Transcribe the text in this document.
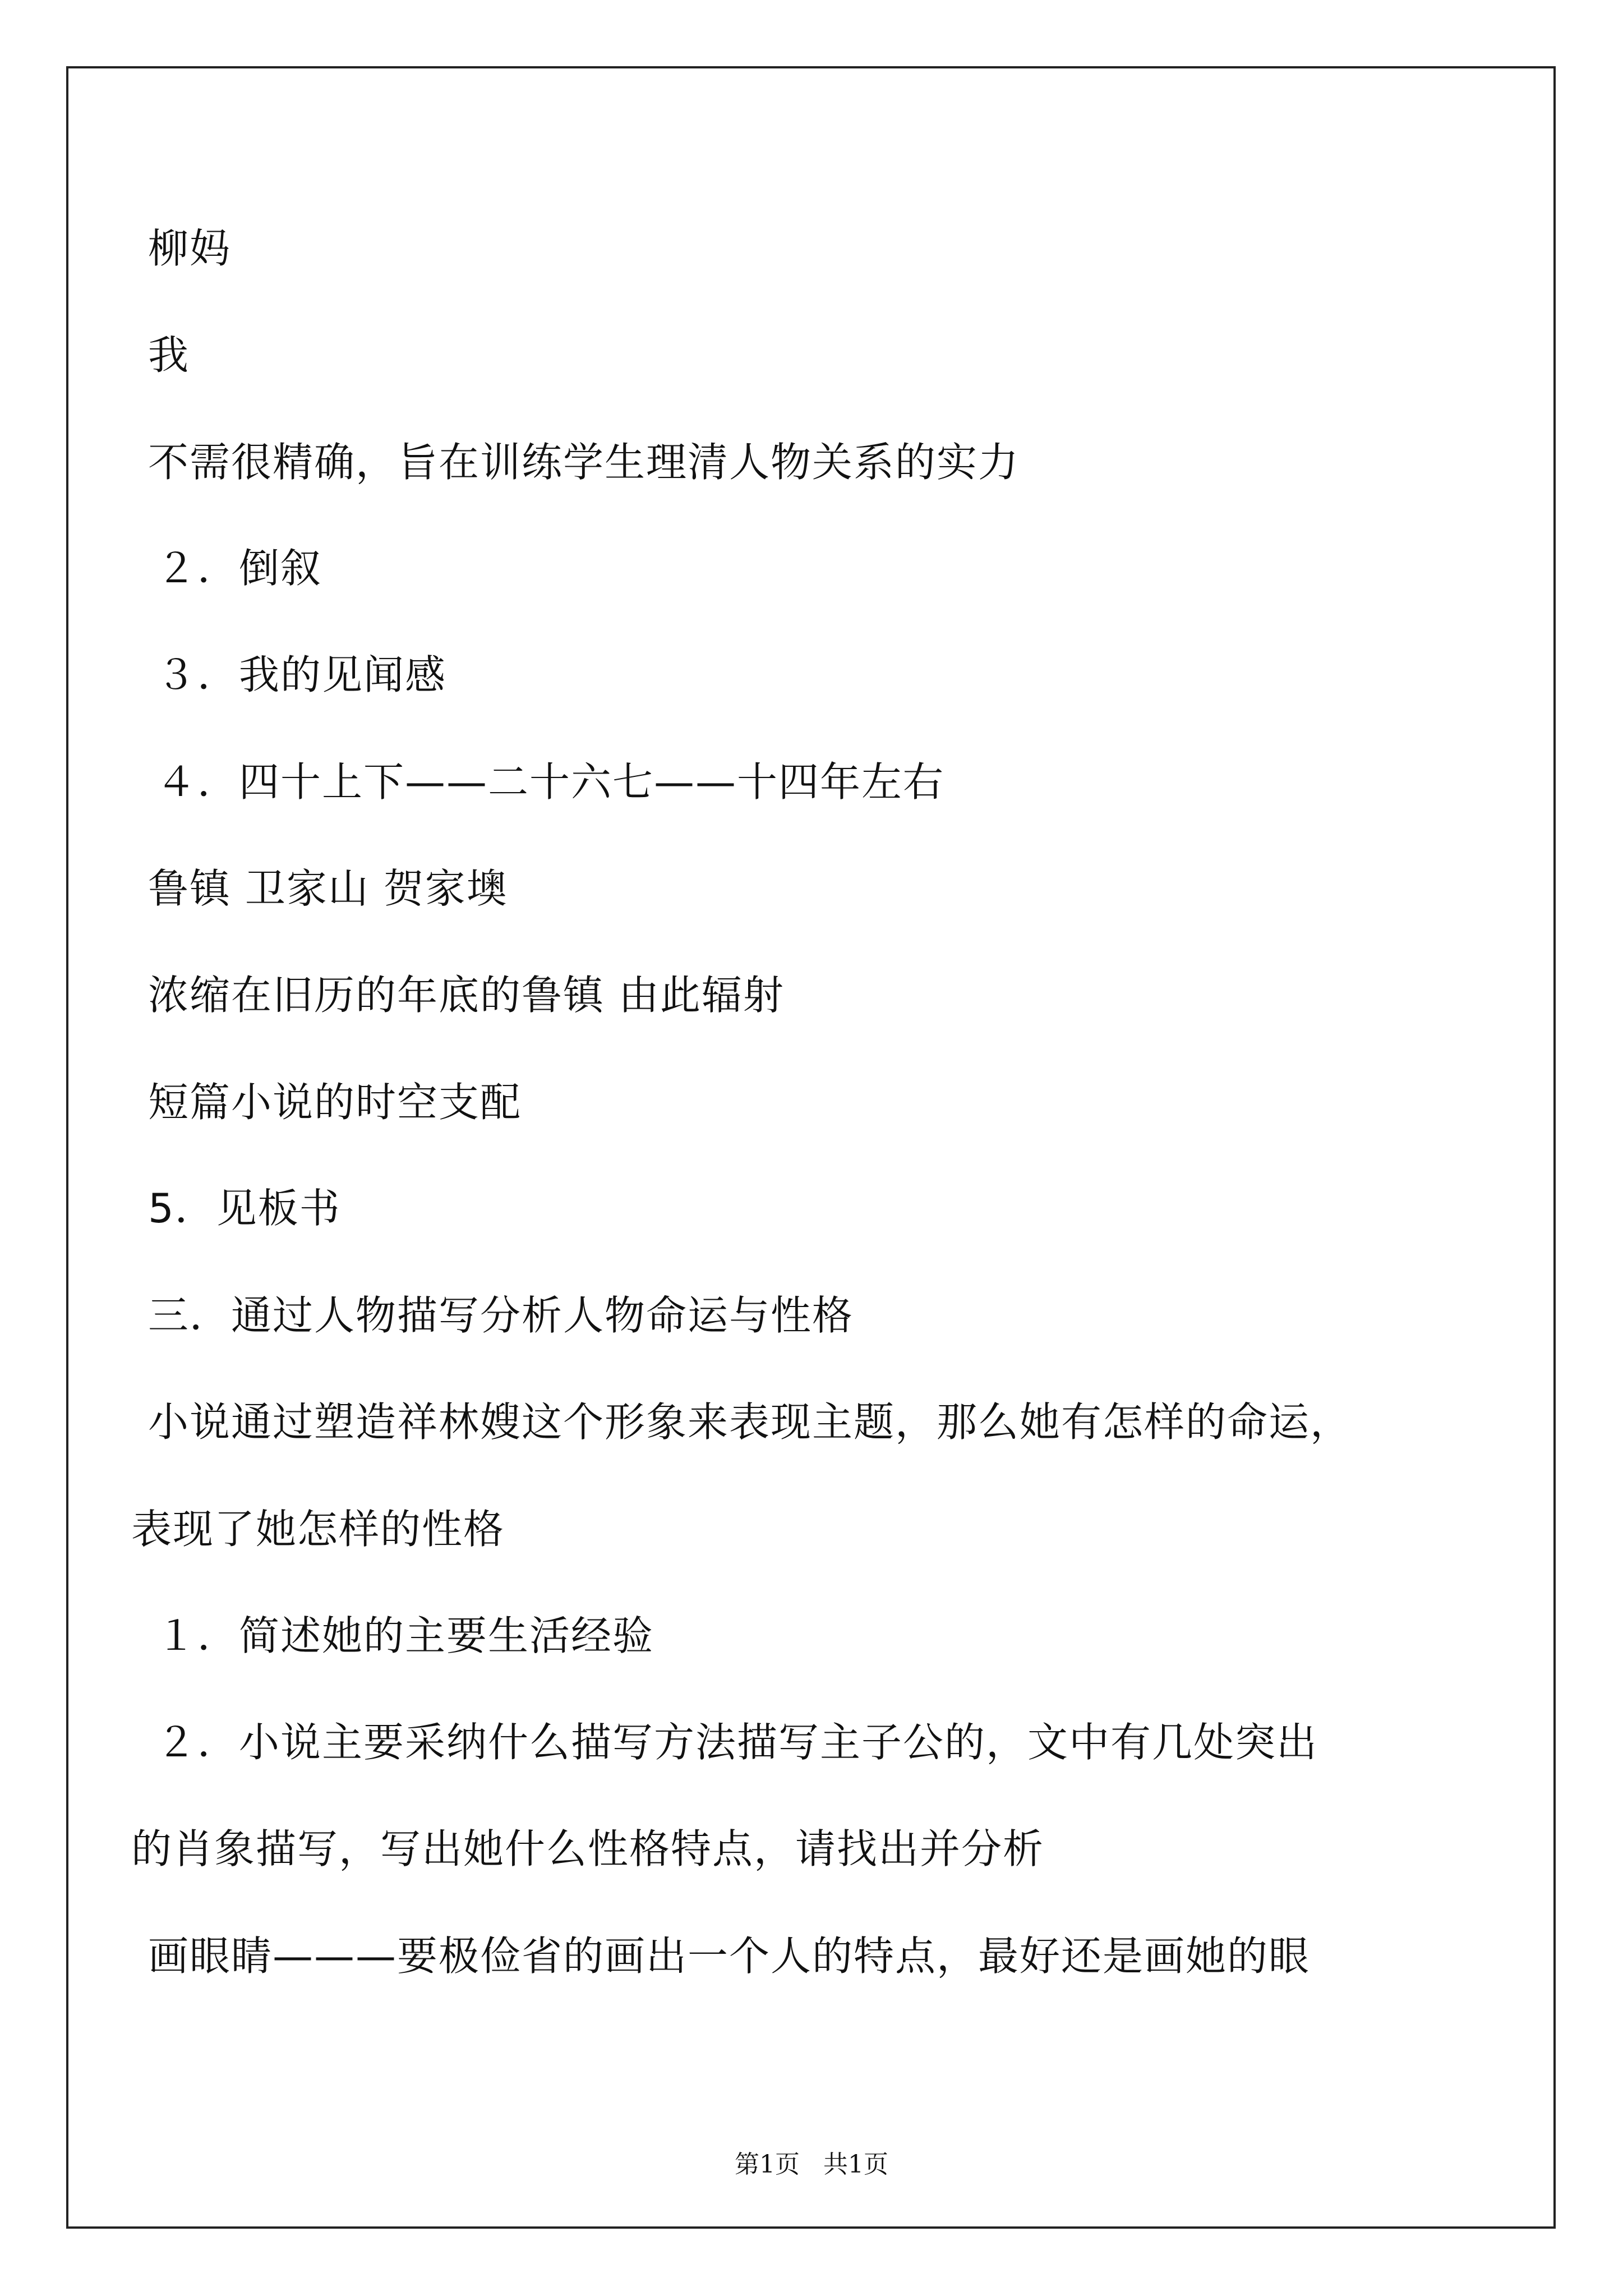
柳妈
我
不需很精确，旨在训练学生理清人物关系的实力
２．倒叙
３．我的见闻感
４．四十上下——二十六七——十四年左右
鲁镇 卫家山 贺家墺
浓缩在旧历的年底的鲁镇 由此辐射
短篇小说的时空支配
5．见板书
三．通过人物描写分析人物命运与性格
小说通过塑造祥林嫂这个形象来表现主题，那么她有怎样的命运，
表现了她怎样的性格
１．简述她的主要生活经验
２．小说主要采纳什么描写方法描写主子公的，文中有几处突出
的肖象描写，写出她什么性格特点，请找出并分析
画眼睛———要极俭省的画出一个人的特点，最好还是画她的眼
第1页 共1页
